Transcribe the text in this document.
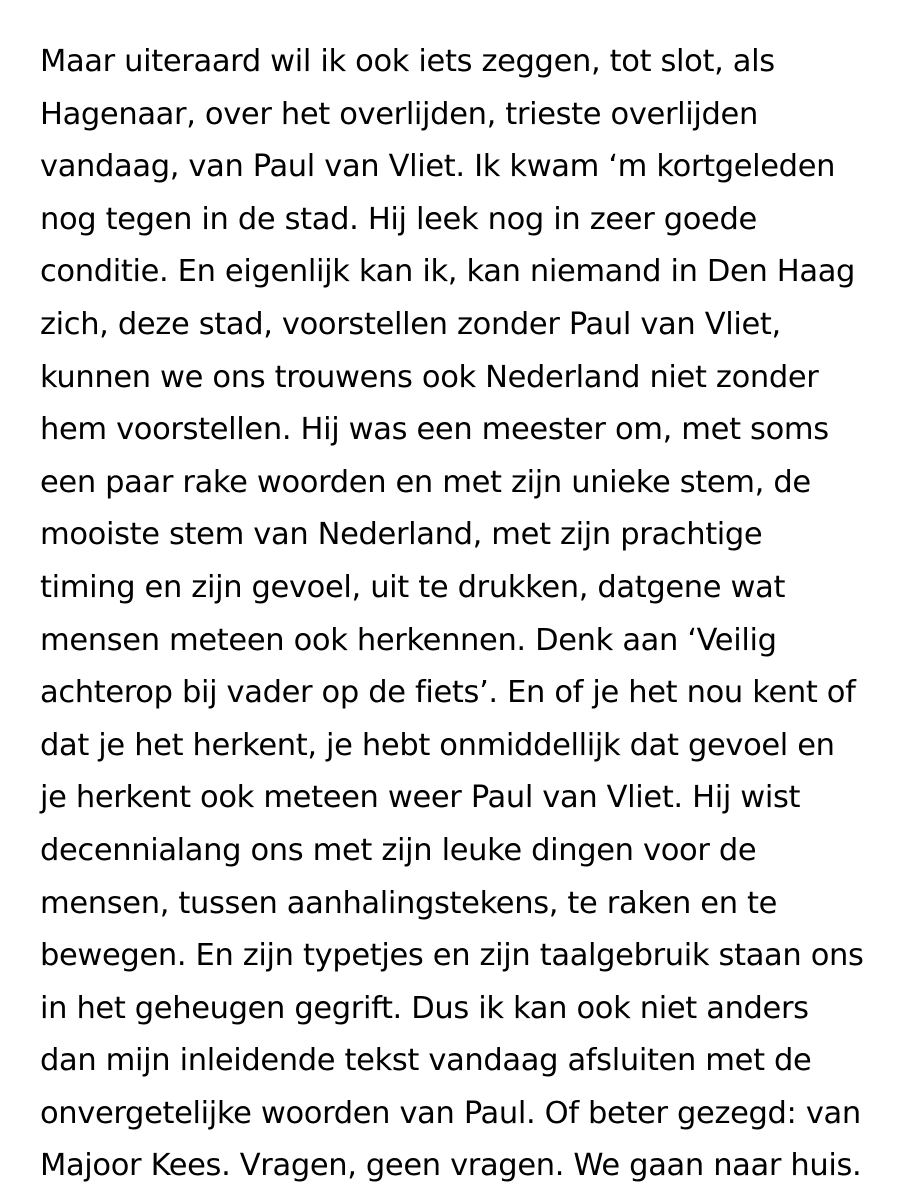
Maar uiteraard wil ik ook iets zeggen, tot slot, als
Hagenaar, over het overlijden, trieste overlijden
vandaag, van Paul van Vliet. Ik kwam ‘m kortgeleden
nog tegen in de stad. Hij leek nog in zeer goede
conditie. En eigenlijk kan ik, kan niemand in Den Haag
zich, deze stad, voorstellen zonder Paul van Vliet,
kunnen we ons trouwens ook Nederland niet zonder
hem voorstellen. Hij was een meester om, met soms
een paar rake woorden en met zijn unieke stem, de
mooiste stem van Nederland, met zijn prachtige
timing en zijn gevoel, uit te drukken, datgene wat
mensen meteen ook herkennen. Denk aan ‘Veilig
achterop bij vader op de fiets’. En of je het nou kent of
dat je het herkent, je hebt onmiddellijk dat gevoel en
je herkent ook meteen weer Paul van Vliet. Hij wist
decennialang ons met zijn leuke dingen voor de
mensen, tussen aanhalingstekens, te raken en te
bewegen. En zijn typetjes en zijn taalgebruik staan ons
in het geheugen gegrift. Dus ik kan ook niet anders
dan mijn inleidende tekst vandaag afsluiten met de
onvergetelijke woorden van Paul. Of beter gezegd: van
Majoor Kees. Vragen, geen vragen. We gaan naar huis.
